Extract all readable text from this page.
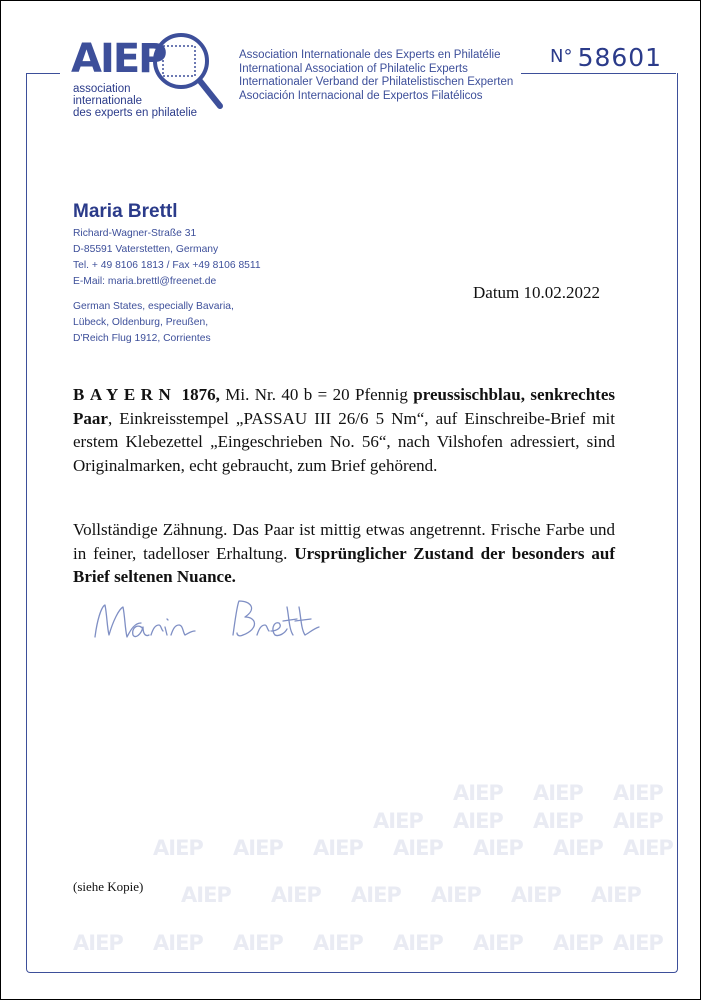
AIEP
association
internationale
des experts en philatelie
Association Internationale des Experts en Philatélie
International Association of Philatelic Experts
Internationaler Verband der Philatelistischen Experten
Asociación Internacional de Expertos Filatélicos
N° 58601
Maria Brettl
Richard-Wagner-Straße 31
D-85591 Vaterstetten, Germany
Tel. + 49 8106 1813 / Fax +49 8106 8511
E-Mail: maria.brettl@freenet.de
German States, especially Bavaria,
Lübeck, Oldenburg, Preußen,
D'Reich Flug 1912, Corrientes
Datum 10.02.2022
BAYERN 1876, Mi. Nr. 40 b = 20 Pfennig preussischblau, senkrechtes Paar, Einkreisstempel „PASSAU III 26/6 5 Nm“, auf Einschreibe-Brief mit erstem Klebezettel „Eingeschrieben No. 56“, nach Vilshofen adressiert, sind Originalmarken, echt gebraucht, zum Brief gehörend.
Vollständige Zähnung. Das Paar ist mittig etwas angetrennt. Frische Farbe und in feiner, tadelloser Erhaltung. Ursprünglicher Zustand der besonders auf Brief seltenen Nuance.
AIEP AIEP AIEP
AIEP AIEP AIEP AIEP
AIEP AIEP AIEP AIEP AIEP AIEP AIEP
AIEP AIEP AIEP AIEP AIEP AIEP
AIEP AIEP AIEP AIEP AIEP AIEP AIEP AIEP
(siehe Kopie)
